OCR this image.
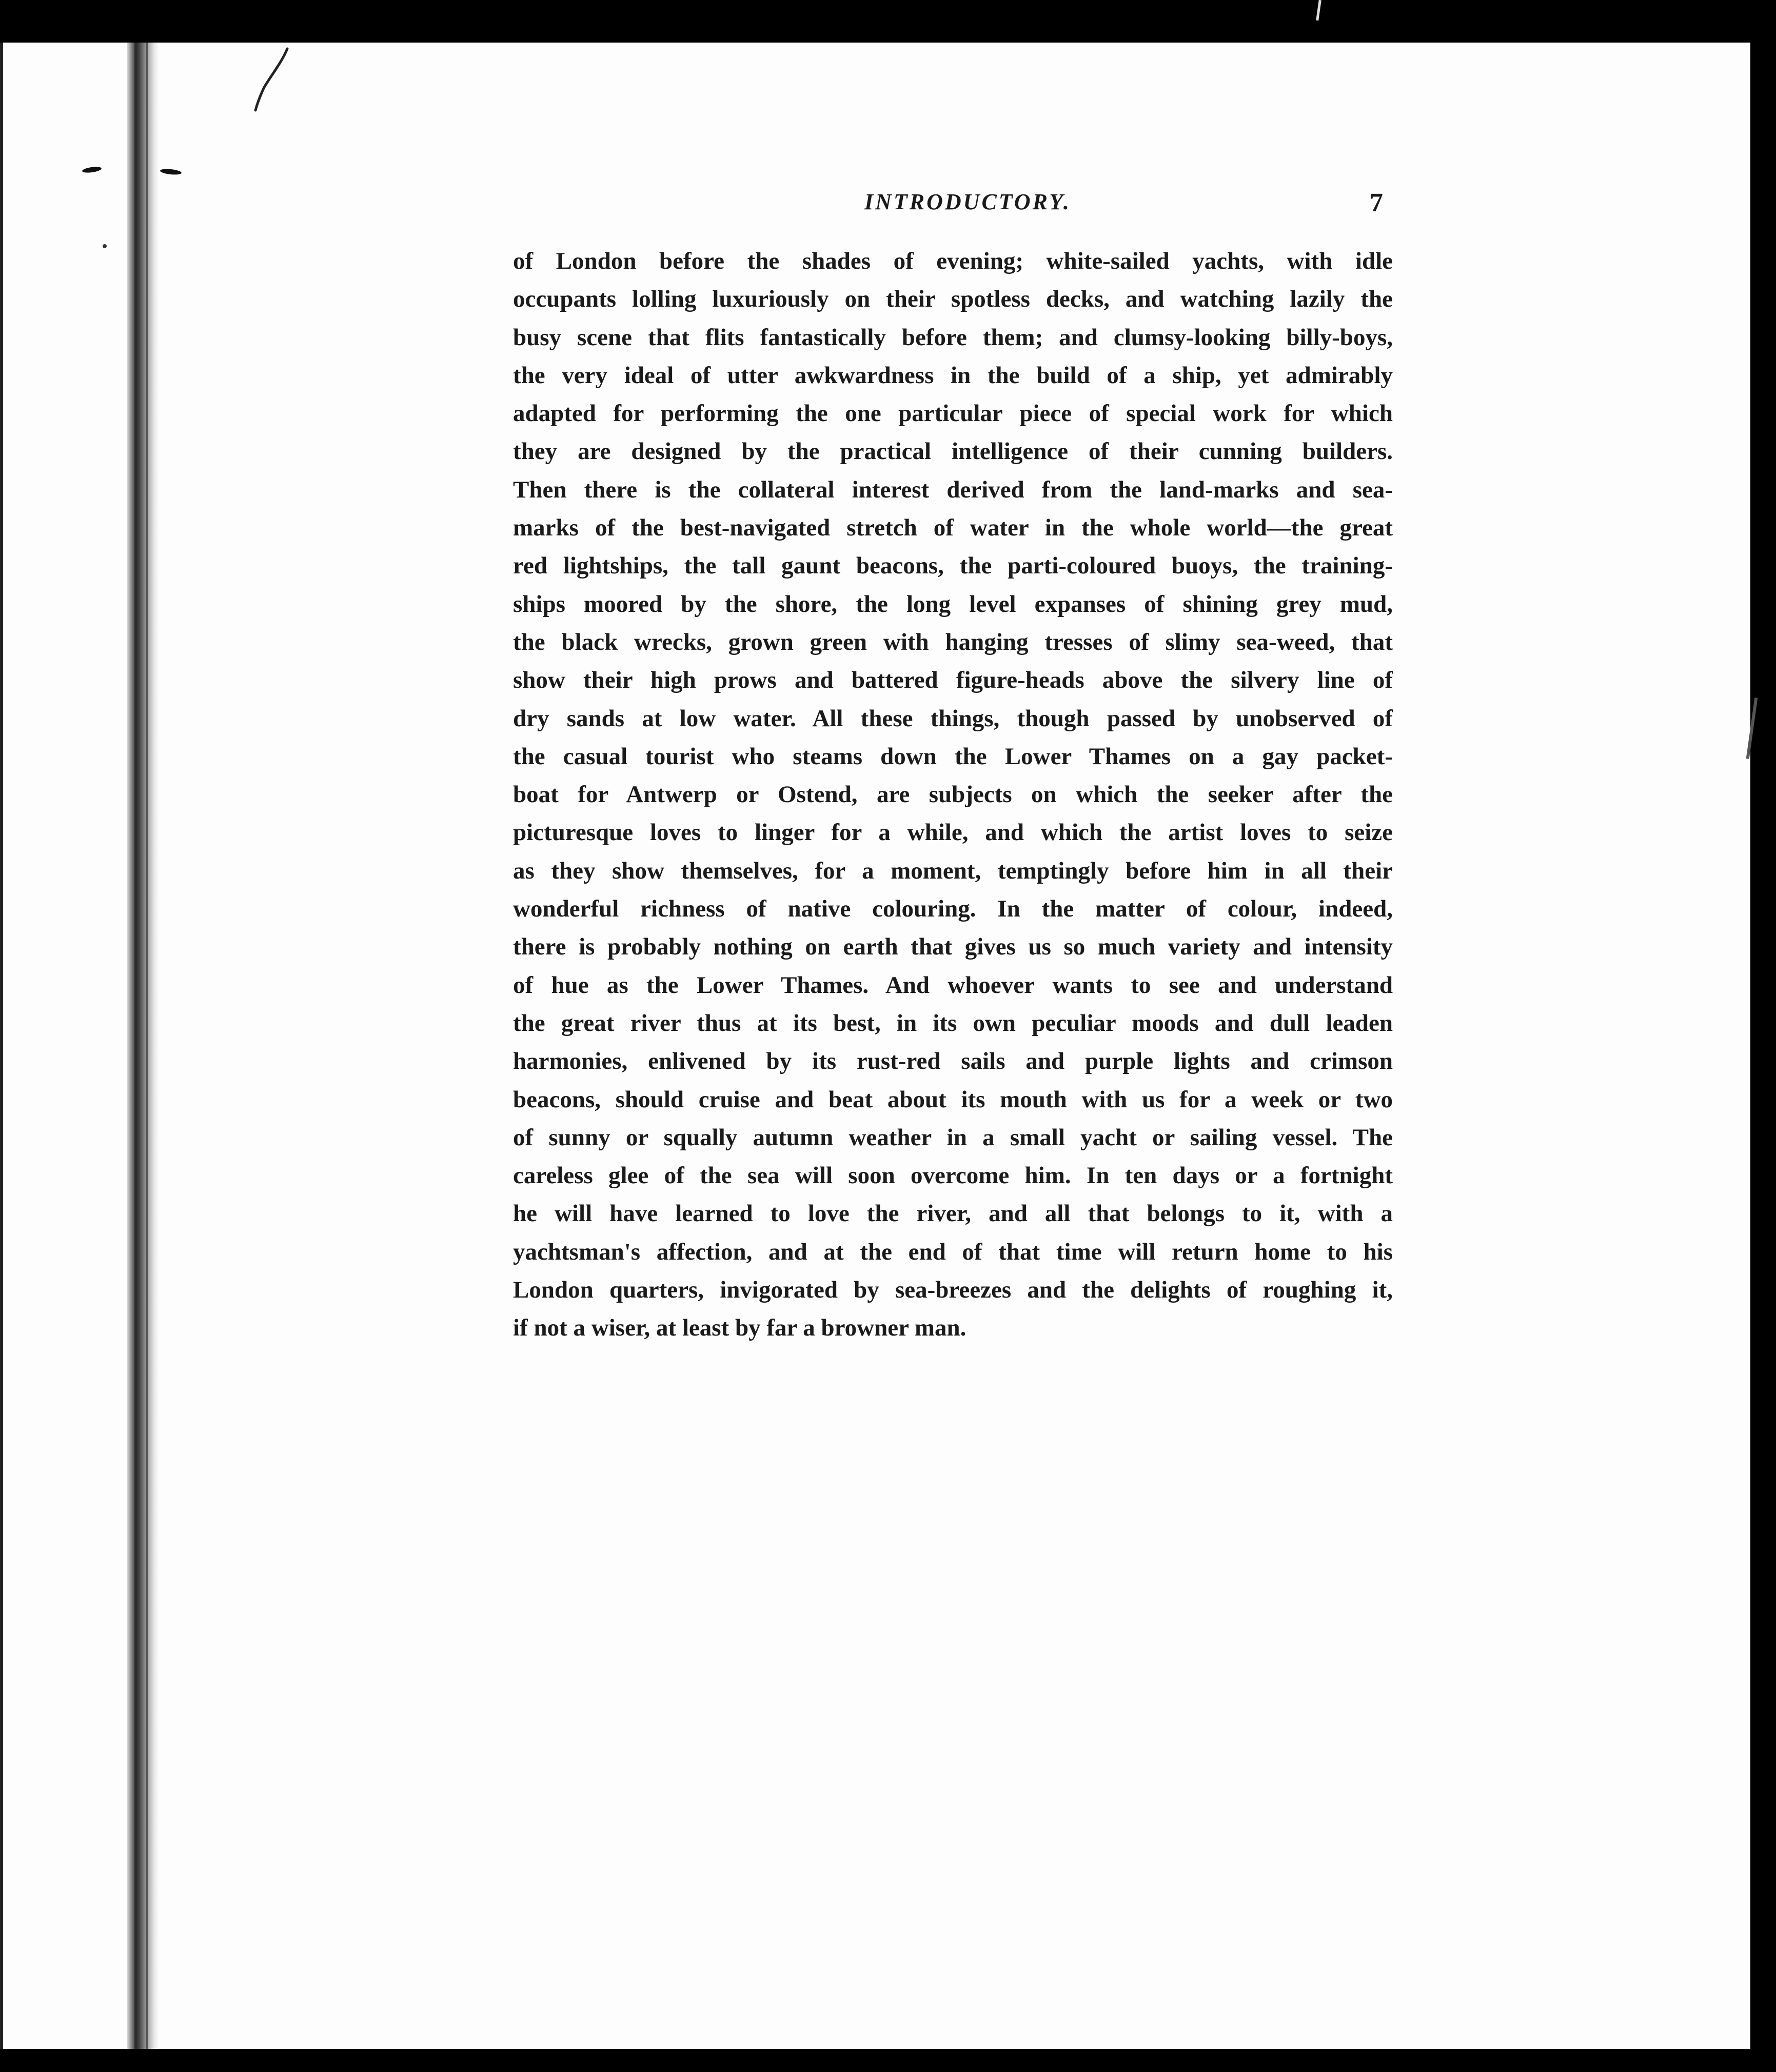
INTRODUCTORY.	7
of London before the shades of evening; white-sailed yachts, with idle
occupants lolling luxuriously on their spotless decks, and watching lazily the
busy scene that flits fantastically before them; and clumsy-looking billy-boys,
the very ideal of utter awkwardness in the build of a ship, yet admirably
adapted for performing the one particular piece of special work for which
they are designed by the practical intelligence of their cunning builders.
Then there is the collateral interest derived from the land-marks and sea-
marks of the best-navigated stretch of water in the whole world—the great
red lightships, the tall gaunt beacons, the parti-coloured buoys, the training-
ships moored by the shore, the long level expanses of shining grey mud,
the black wrecks, grown green with hanging tresses of slimy sea-weed, that
show their high prows and battered figure-heads above the silvery line of
dry sands at low water. All these things, though passed by unobserved of
the casual tourist who steams down the Lower Thames on a gay packet-
boat for Antwerp or Ostend, are subjects on which the seeker after the
picturesque loves to linger for a while, and which the artist loves to seize
as they show themselves, for a moment, temptingly before him in all their
wonderful richness of native colouring. In the matter of colour, indeed,
there is probably nothing on earth that gives us so much variety and intensity
of hue as the Lower Thames. And whoever wants to see and understand
the great river thus at its best, in its own peculiar moods and dull leaden
harmonies, enlivened by its rust-red sails and purple lights and crimson
beacons, should cruise and beat about its mouth with us for a week or two
of sunny or squally autumn weather in a small yacht or sailing vessel. The
careless glee of the sea will soon overcome him. In ten days or a fortnight
he will have learned to love the river, and all that belongs to it, with a
yachtsman's affection, and at the end of that time will return home to his
London quarters, invigorated by sea-breezes and the delights of roughing it,
if not a wiser, at least by far a browner man.
